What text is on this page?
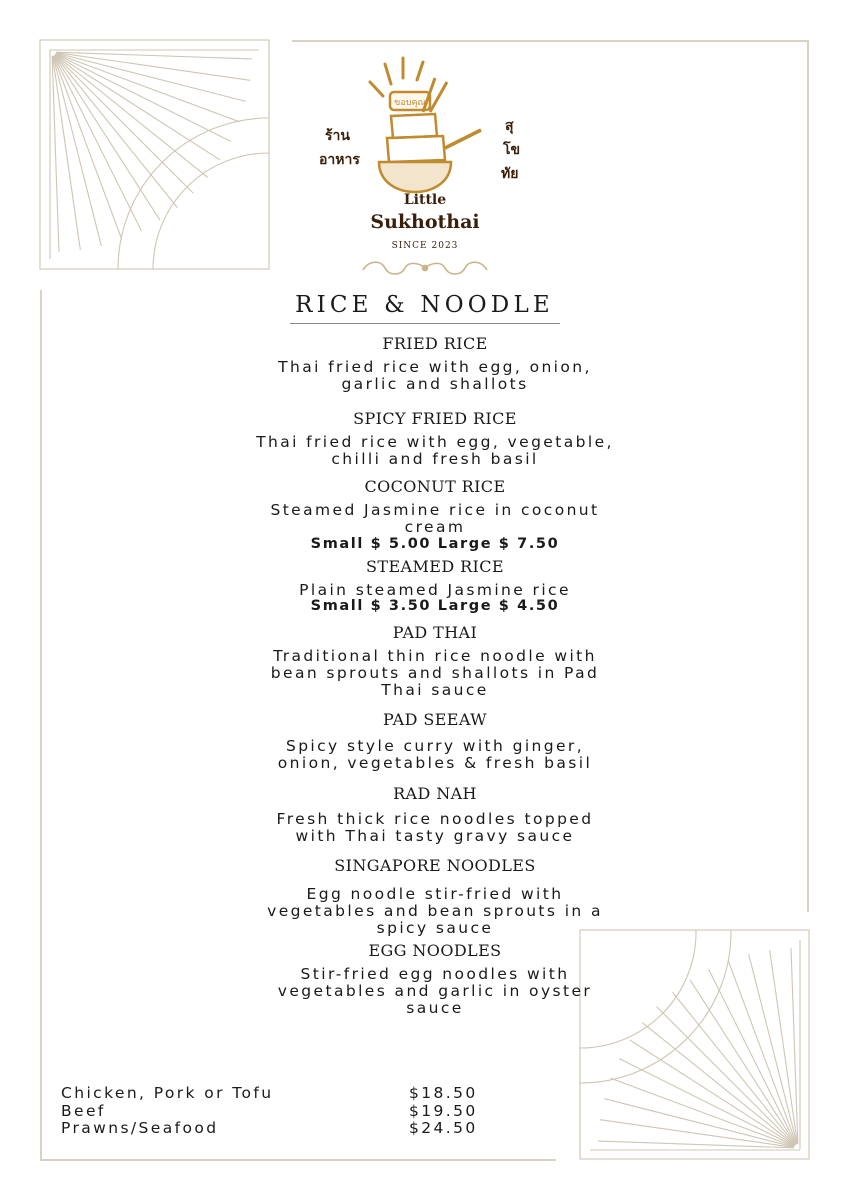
ขอบคุณ
ร้าน
อาหาร
สุ
โข
ทัย
Little
Sukhothai
SINCE 2023
RICE & NOODLE
FRIED RICE
Thai fried rice with egg, onion,
garlic and shallots
SPICY FRIED RICE
Thai fried rice with egg, vegetable,
chilli and fresh basil
COCONUT RICE
Steamed Jasmine rice in coconut
cream
Small $ 5.00 Large $ 7.50
STEAMED RICE
Plain steamed Jasmine rice
Small $ 3.50 Large $ 4.50
PAD THAI
Traditional thin rice noodle with
bean sprouts and shallots in Pad
Thai sauce
PAD SEEAW
Spicy style curry with ginger,
onion, vegetables & fresh basil
RAD NAH
Fresh thick rice noodles topped
with Thai tasty gravy sauce
SINGAPORE NOODLES
Egg noodle stir-fried with
vegetables and bean sprouts in a
spicy sauce
EGG NOODLES
Stir-fried egg noodles with
vegetables and garlic in oyster
sauce
Chicken, Pork or Tofu	$18.50
Beef	$19.50
Prawns/Seafood	$24.50
